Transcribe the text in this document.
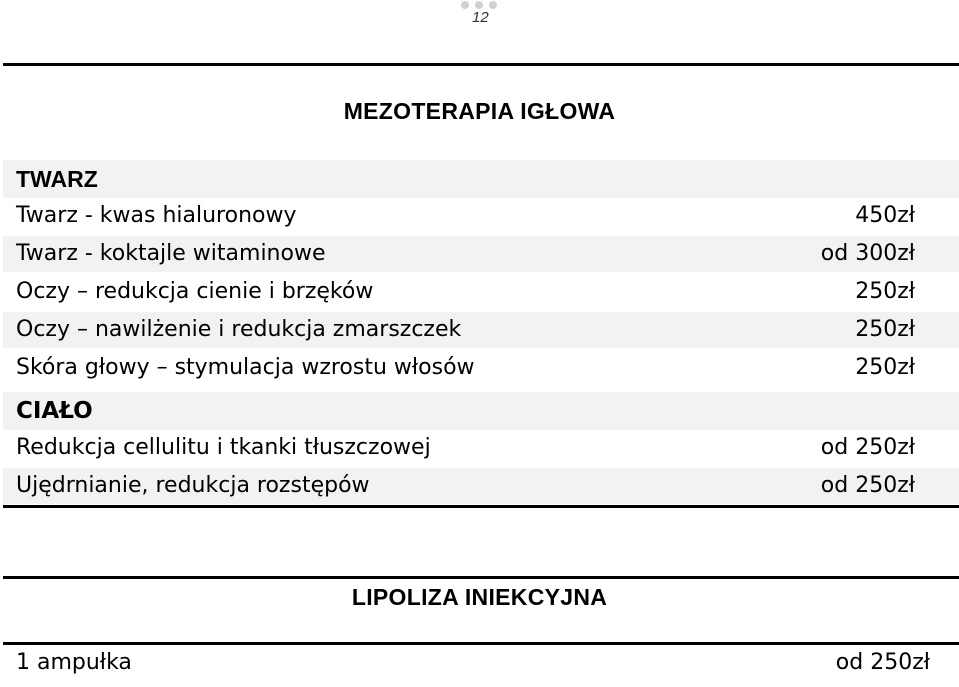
12
MEZOTERAPIA IGŁOWA
TWARZ
Twarz - kwas hialuronowy	450zł
Twarz - koktajle witaminowe	od 300zł
Oczy – redukcja cienie i brzęków	250zł
Oczy – nawilżenie i redukcja zmarszczek	250zł
Skóra głowy – stymulacja wzrostu włosów	250zł
CIAŁO
Redukcja cellulitu i tkanki tłuszczowej	od 250zł
Ujędrnianie, redukcja rozstępów	od 250zł
LIPOLIZA INIEKCYJNA
1 ampułka	od 250zł
